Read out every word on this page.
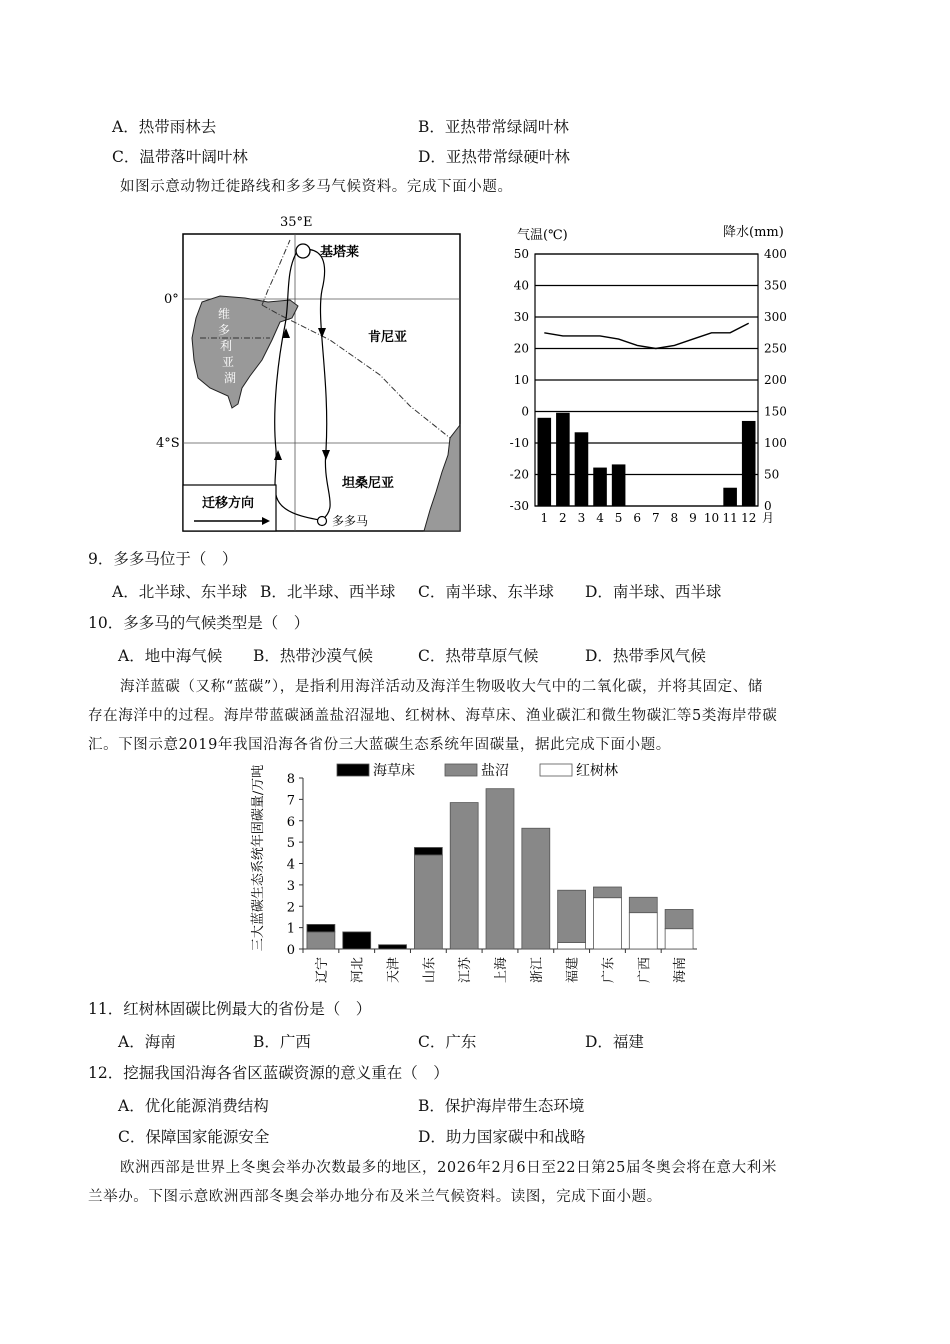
A．热带雨林去	B．亚热带常绿阔叶林
C．温带落叶阔叶林	D．亚热带常绿硬叶林
如图示意动物迁徙路线和多多马气候资料。完成下面小题。
35°E
0°
4°S
维
多
利
亚
湖
基塔莱
肯尼亚
坦桑尼亚
多多马
迁移方向
气温(℃)	降水(mm)
50
40
30
20
10
0
-10
-20
-30
400
350
300
250
200
150
100
50
0
1 2 3 4 5 6 7 8 9 10 11 12 月
9．多多马位于（　）
A．北半球、东半球 B．北半球、西半球 C．南半球、东半球 D．南半球、西半球
10．多多马的气候类型是（　）
A．地中海气候 B．热带沙漠气候	C．热带草原气候	D．热带季风气候
海洋蓝碳（又称“蓝碳”），是指利用海洋活动及海洋生物吸收大气中的二氧化碳，并将其固定、储
存在海洋中的过程。海岸带蓝碳涵盖盐沼湿地、红树林、海草床、渔业碳汇和微生物碳汇等5类海岸带碳
汇。下图示意2019年我国沿海各省份三大蓝碳生态系统年固碳量，据此完成下面小题。
海草床	盐沼	红树林
三大蓝碳生态系统年固碳量/万吨 0
1
2
3
4
5
6
7
8
辽宁 河北 天津 山东 江苏 上海 浙江 福建 广东 广西 海南
11．红树林固碳比例最大的省份是（　）
A．海南	B．广西	C．广东	D．福建
12．挖掘我国沿海各省区蓝碳资源的意义重在（　）
A．优化能源消费结构	B．保护海岸带生态环境
C．保障国家能源安全	D．助力国家碳中和战略
欧洲西部是世界上冬奥会举办次数最多的地区，2026年2月6日至22日第25届冬奥会将在意大利米
兰举办。下图示意欧洲西部冬奥会举办地分布及米兰气候资料。读图，完成下面小题。
